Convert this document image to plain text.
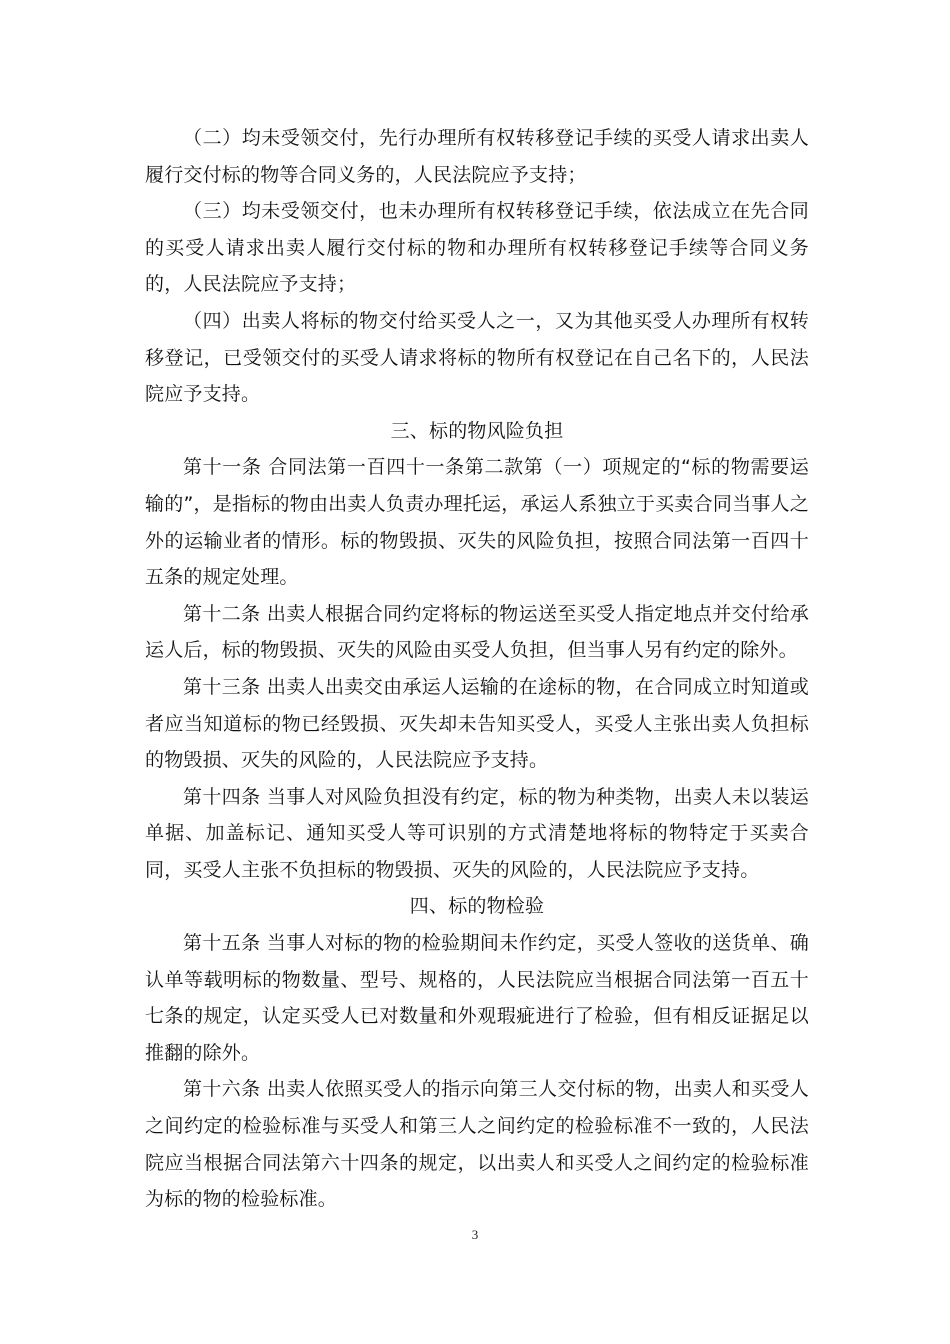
（二）均未受领交付，先行办理所有权转移登记手续的买受人请求出卖人履行交付标的物等合同义务的，人民法院应予支持；

（三）均未受领交付，也未办理所有权转移登记手续，依法成立在先合同的买受人请求出卖人履行交付标的物和办理所有权转移登记手续等合同义务的，人民法院应予支持；

（四）出卖人将标的物交付给买受人之一，又为其他买受人办理所有权转移登记，已受领交付的买受人请求将标的物所有权登记在自己名下的，人民法院应予支持。

三、标的物风险负担

第十一条 合同法第一百四十一条第二款第（一）项规定的“标的物需要运输的”，是指标的物由出卖人负责办理托运，承运人系独立于买卖合同当事人之外的运输业者的情形。标的物毁损、灭失的风险负担，按照合同法第一百四十五条的规定处理。

第十二条 出卖人根据合同约定将标的物运送至买受人指定地点并交付给承运人后，标的物毁损、灭失的风险由买受人负担，但当事人另有约定的除外。

第十三条 出卖人出卖交由承运人运输的在途标的物，在合同成立时知道或者应当知道标的物已经毁损、灭失却未告知买受人，买受人主张出卖人负担标的物毁损、灭失的风险的，人民法院应予支持。

第十四条 当事人对风险负担没有约定，标的物为种类物，出卖人未以装运单据、加盖标记、通知买受人等可识别的方式清楚地将标的物特定于买卖合同，买受人主张不负担标的物毁损、灭失的风险的，人民法院应予支持。

四、标的物检验

第十五条 当事人对标的物的检验期间未作约定，买受人签收的送货单、确认单等载明标的物数量、型号、规格的，人民法院应当根据合同法第一百五十七条的规定，认定买受人已对数量和外观瑕疵进行了检验，但有相反证据足以推翻的除外。

第十六条 出卖人依照买受人的指示向第三人交付标的物，出卖人和买受人之间约定的检验标准与买受人和第三人之间约定的检验标准不一致的，人民法院应当根据合同法第六十四条的规定，以出卖人和买受人之间约定的检验标准为标的物的检验标准。

3
